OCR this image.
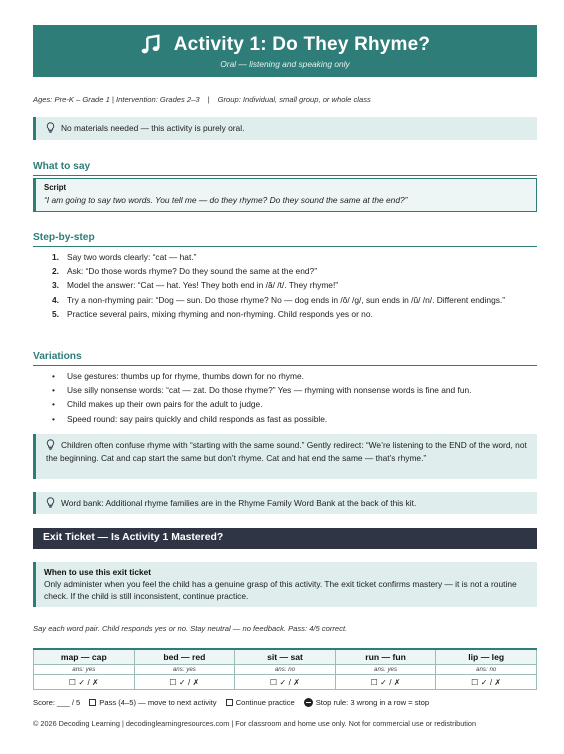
Activity 1: Do They Rhyme?
Oral — listening and speaking only
Ages: Pre-K – Grade 1 | Intervention: Grades 2–3 | Group: Individual, small group, or whole class
No materials needed — this activity is purely oral.
What to say
Script
“I am going to say two words. You tell me — do they rhyme? Do they sound the same at the end?”
Step-by-step
1. Say two words clearly: “cat — hat.”
2. Ask: “Do those words rhyme? Do they sound the same at the end?”
3. Model the answer: “Cat — hat. Yes! They both end in /ă/ /t/. They rhyme!”
4. Try a non-rhyming pair: “Dog — sun. Do those rhyme? No — dog ends in /ŏ/ /g/, sun ends in /ŭ/ /n/. Different endings.”
5. Practice several pairs, mixing rhyming and non-rhyming. Child responds yes or no.
Variations
•	Use gestures: thumbs up for rhyme, thumbs down for no rhyme.
•	Use silly nonsense words: “cat — zat. Do those rhyme?” Yes — rhyming with nonsense words is fine and fun.
•	Child makes up their own pairs for the adult to judge.
•	Speed round: say pairs quickly and child responds as fast as possible.
Children often confuse rhyme with “starting with the same sound.” Gently redirect: “We’re listening to the END of the word, not the beginning. Cat and cap start the same but don’t rhyme. Cat and hat end the same — that’s rhyme.”
Word bank: Additional rhyme families are in the Rhyme Family Word Bank at the back of this kit.
Exit Ticket — Is Activity 1 Mastered?
When to use this exit ticket
Only administer when you feel the child has a genuine grasp of this activity. The exit ticket confirms mastery — it is not a routine check. If the child is still inconsistent, continue practice.
Say each word pair. Child responds yes or no. Stay neutral — no feedback. Pass: 4/5 correct.
map — cap	bed — red	sit — sat	run — fun	lip — leg
ans: yes	ans: yes	ans: no	ans: yes	ans: no
☐ ✓ / ✗	☐ ✓ / ✗	☐ ✓ / ✗	☐ ✓ / ✗	☐ ✓ / ✗
Score: ___ / 5	Pass (4–5) — move to next activity	Continue practice	Stop rule: 3 wrong in a row = stop
© 2026 Decoding Learning | decodinglearningresources.com | For classroom and home use only. Not for commercial use or redistribution
